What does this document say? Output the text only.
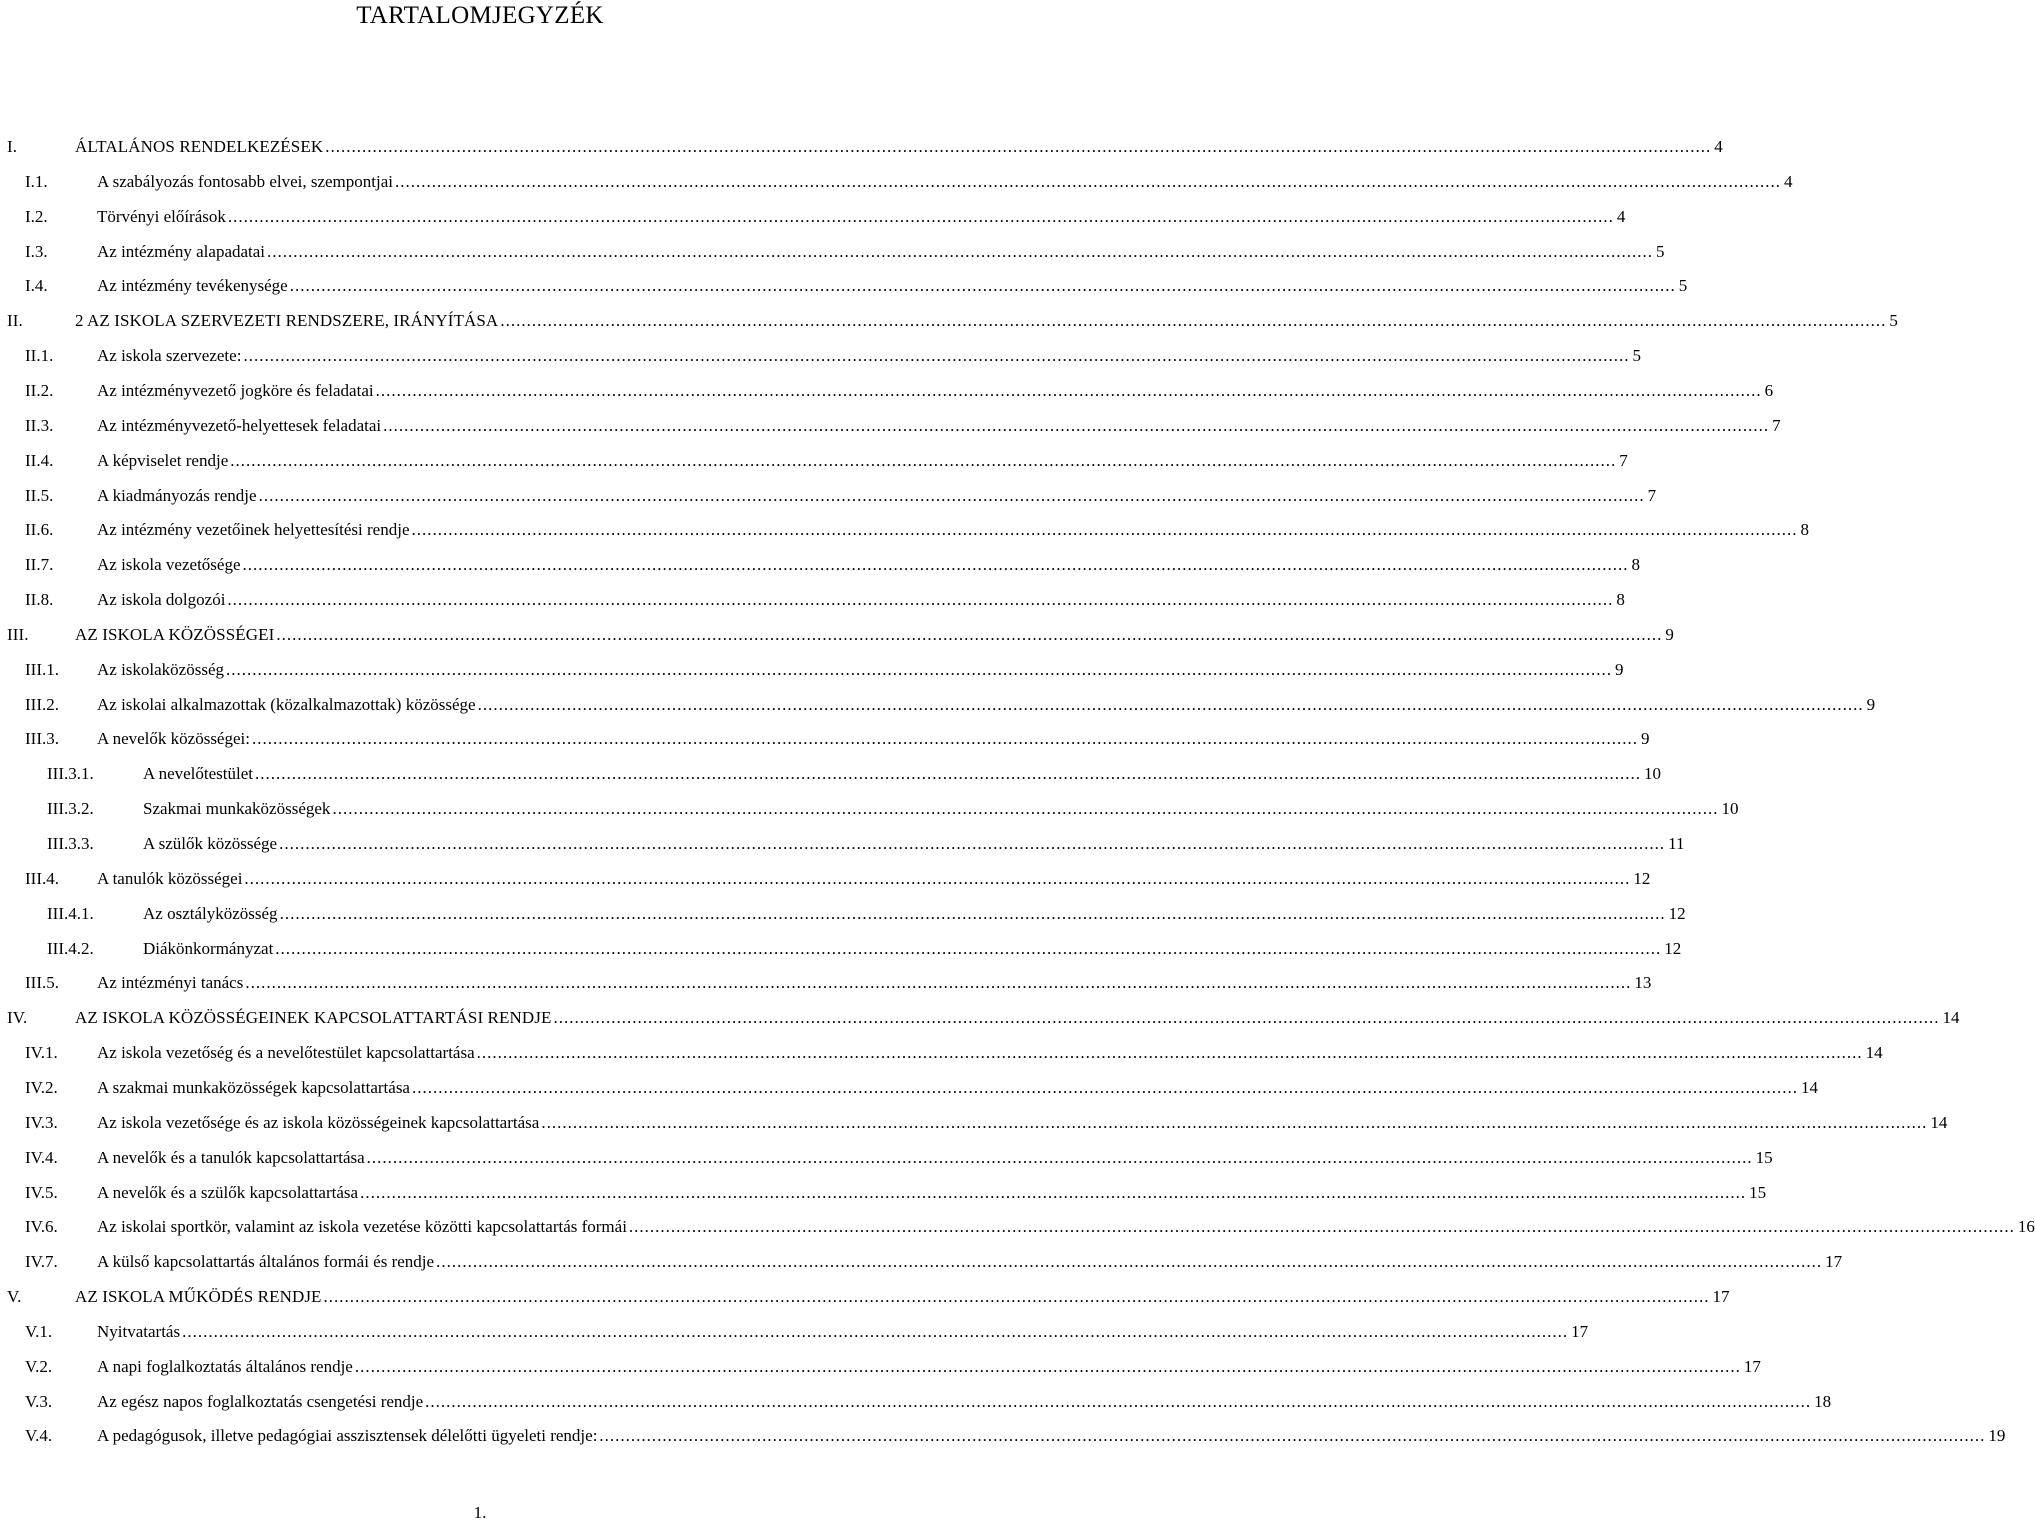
TARTALOMJEGYZÉK
I.	ÁLTALÁNOS RENDELKEZÉSEK .....	4
I.1.	A szabályozás fontosabb elvei, szempontjai .....	4
I.2.	Törvényi előírások .....	4
I.3.	Az intézmény alapadatai .....	5
I.4.	Az intézmény tevékenysége .....	5
II.	2 AZ ISKOLA SZERVEZETI RENDSZERE, IRÁNYÍTÁSA .....	5
II.1.	Az iskola szervezete: .....	5
II.2.	Az intézményvezető jogköre és feladatai .....	6
II.3.	Az intézményvezető-helyettesek feladatai .....	7
II.4.	A képviselet rendje .....	7
II.5.	A kiadmányozás rendje .....	7
II.6.	Az intézmény vezetőinek helyettesítési rendje .....	8
II.7.	Az iskola vezetősége .....	8
II.8.	Az iskola dolgozói .....	8
III.	AZ ISKOLA KÖZÖSSÉGEI .....	9
III.1.	Az iskolaközösség .....	9
III.2.	Az iskolai alkalmazottak (közalkalmazottak) közössége .....	9
III.3.	A nevelők közösségei: .....	9
III.3.1.	A nevelőtestület .....	10
III.3.2.	Szakmai munkaközösségek .....	10
III.3.3.	A szülők közössége .....	11
III.4.	A tanulók közösségei .....	12
III.4.1.	Az osztályközösség .....	12
III.4.2.	Diákönkormányzat .....	12
III.5.	Az intézményi tanács .....	13
IV.	AZ ISKOLA KÖZÖSSÉGEINEK KAPCSOLATTARTÁSI RENDJE .....	14
IV.1.	Az iskola vezetőség és a nevelőtestület kapcsolattartása .....	14
IV.2.	A szakmai munkaközösségek kapcsolattartása .....	14
IV.3.	Az iskola vezetősége és az iskola közösségeinek kapcsolattartása .....	14
IV.4.	A nevelők és a tanulók kapcsolattartása .....	15
IV.5.	A nevelők és a szülők kapcsolattartása .....	15
IV.6.	Az iskolai sportkör, valamint az iskola vezetése közötti kapcsolattartás formái .....	16
IV.7.	A külső kapcsolattartás általános formái és rendje .....	17
V.	AZ ISKOLA MŰKÖDÉS RENDJE .....	17
V.1.	Nyitvatartás .....	17
V.2.	A napi foglalkoztatás általános rendje .....	17
V.3.	Az egész napos foglalkoztatás csengetési rendje .....	18
V.4.	A pedagógusok, illetve pedagógiai asszisztensek délelőtti ügyeleti rendje: .....	19
1.
